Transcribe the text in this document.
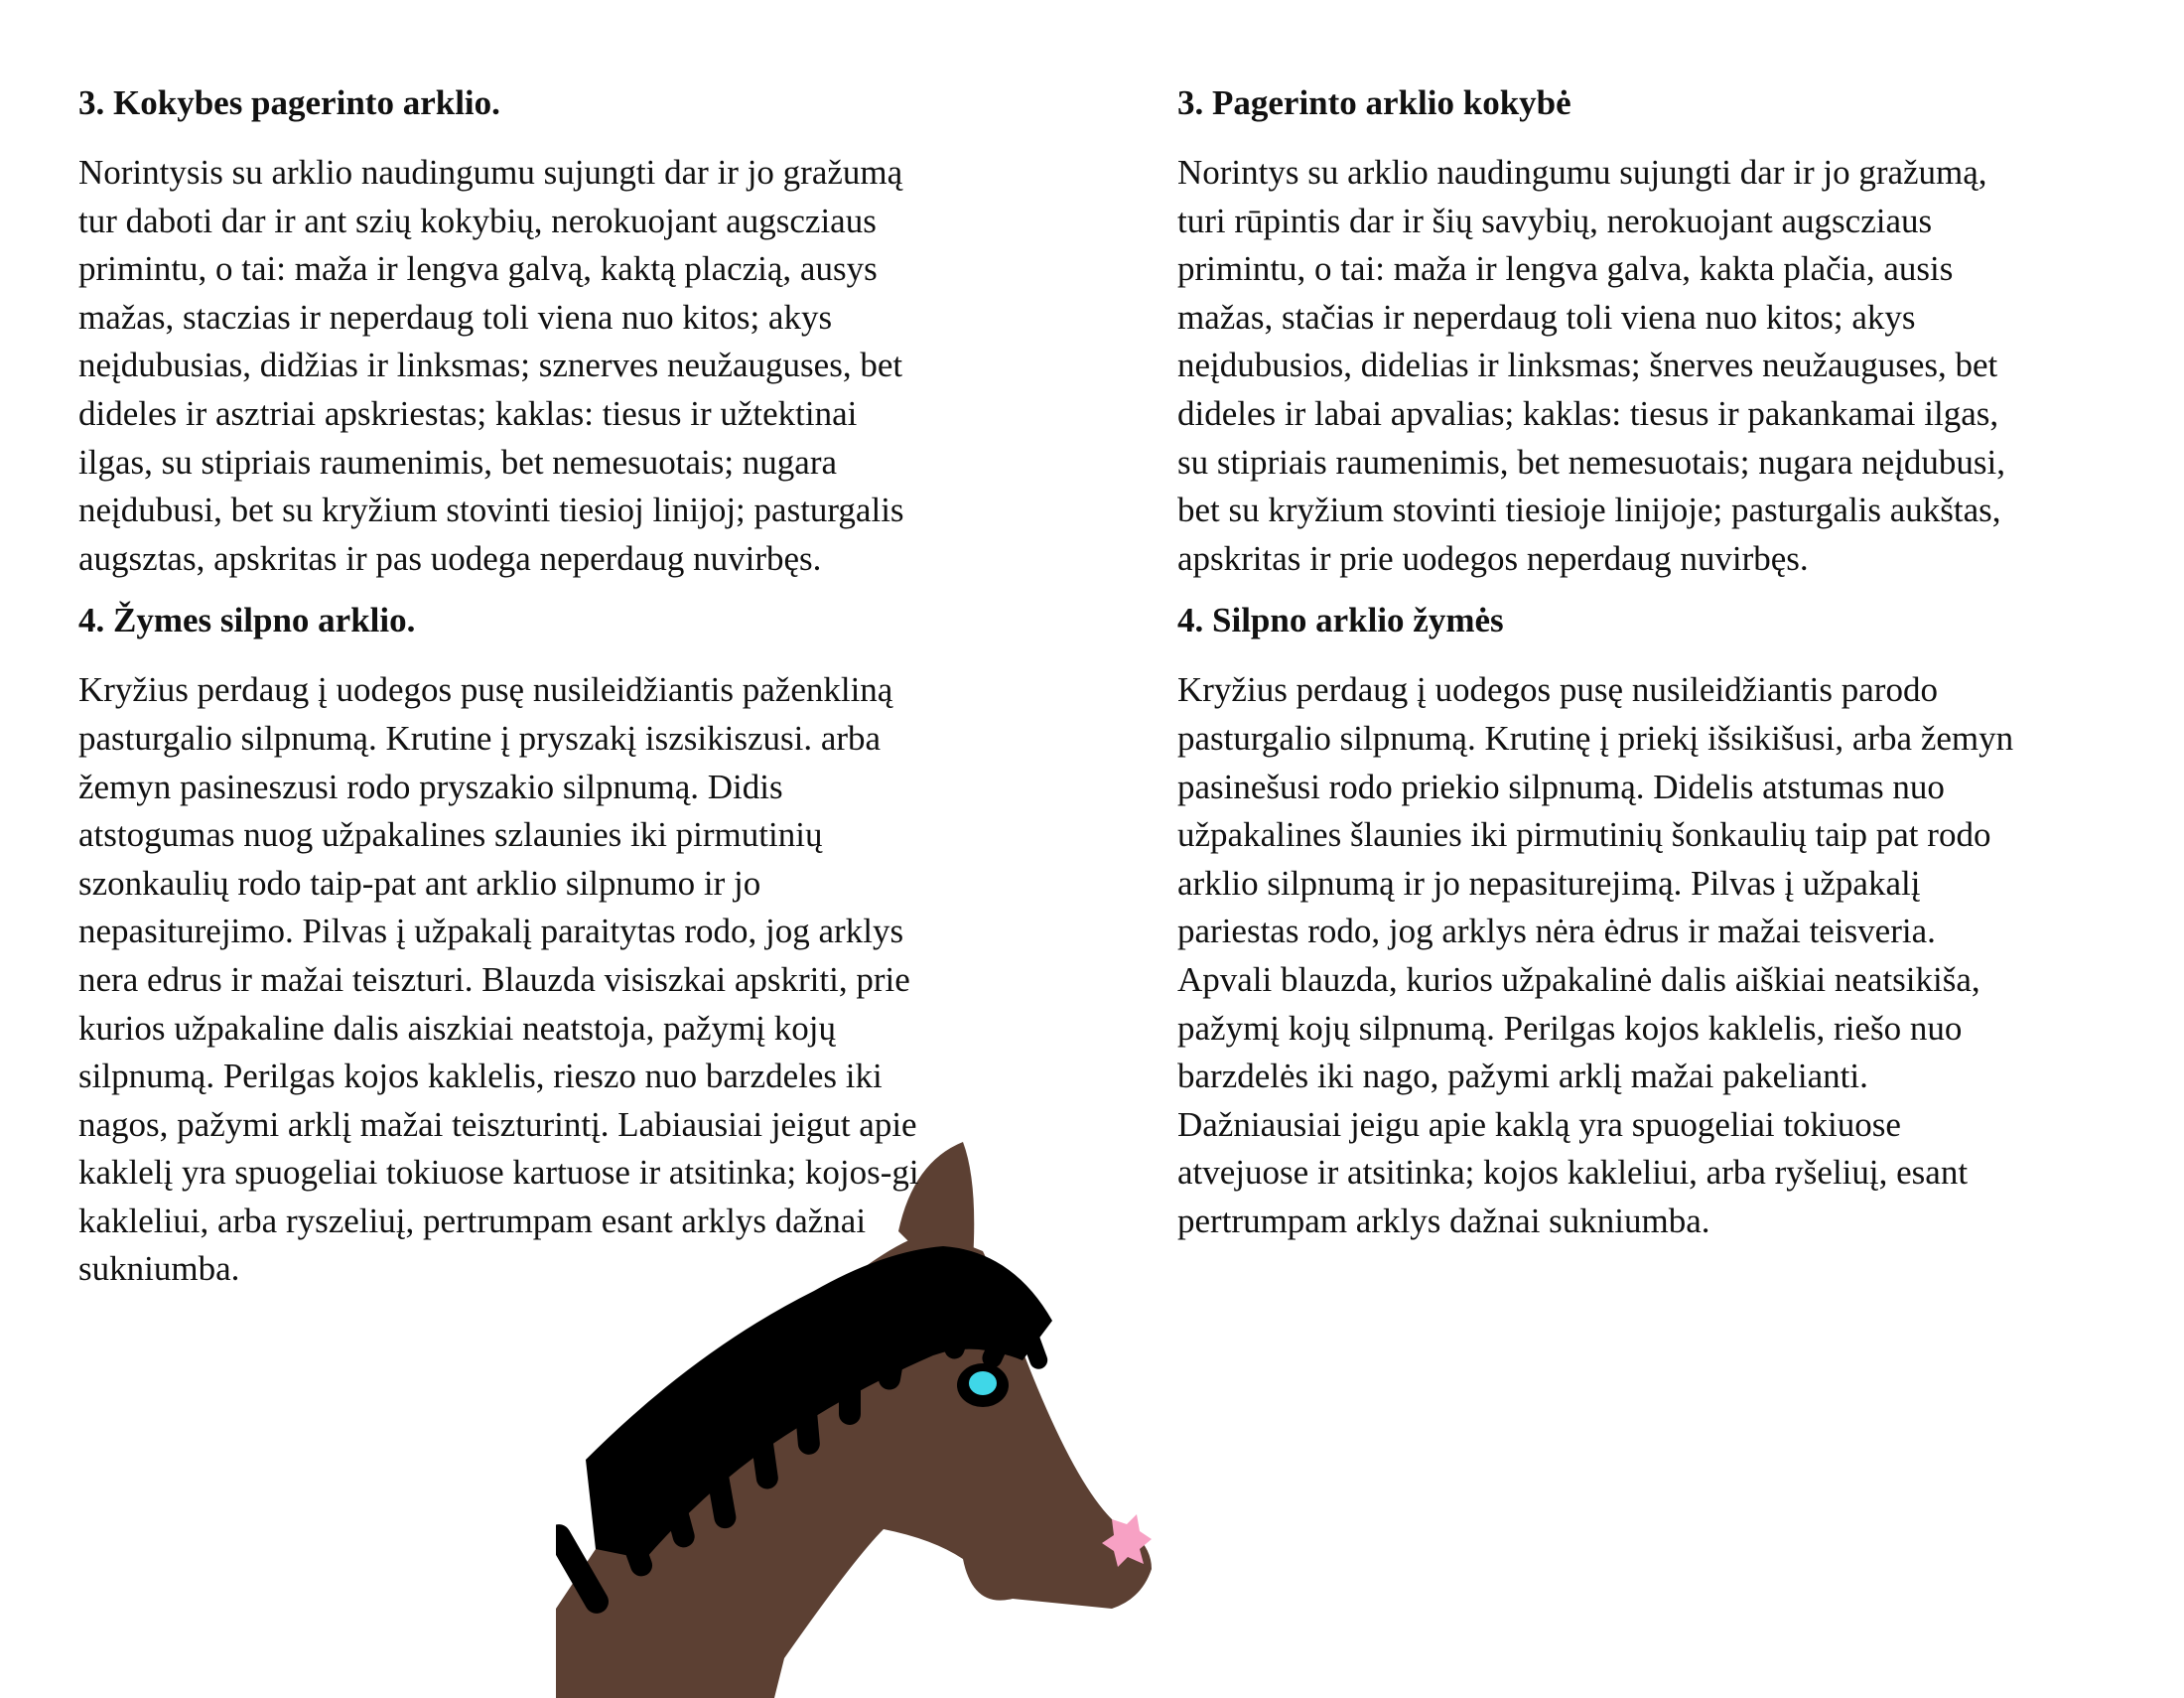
3. Kokybes pagerinto arklio.

Norintysis su arklio naudingumu sujungti dar ir jo gražumą
tur daboti dar ir ant szių kokybių, nerokuojant augscziaus
primintu, o tai: maža ir lengva galvą, kaktą placzią, ausys
mažas, staczias ir neperdaug toli viena nuo kitos; akys
neįdubusias, didžias ir linksmas; sznerves neužauguses, bet
dideles ir asztriai apskriestas; kaklas: tiesus ir užtektinai
ilgas, su stipriais raumenimis, bet nemesuotais; nugara
neįdubusi, bet su kryžium stovinti tiesioj linijoj; pasturgalis
augsztas, apskritas ir pas uodega neperdaug nuvirbęs.

4. Žymes silpno arklio.

Kryžius perdaug į uodegos pusę nusileidžiantis paženkliną
pasturgalio silpnumą. Krutine į pryszakį iszsikiszusi. arba
žemyn pasineszusi rodo pryszakio silpnumą. Didis
atstogumas nuog užpakalines szlaunies iki pirmutinių
szonkaulių rodo taip-pat ant arklio silpnumo ir jo
nepasiturejimo. Pilvas į užpakalį paraitytas rodo, jog arklys
nera edrus ir mažai teiszturi. Blauzda visiszkai apskriti, prie
kurios užpakaline dalis aiszkiai neatstoja, pažymį kojų
silpnumą. Perilgas kojos kaklelis, rieszo nuo barzdeles iki
nagos, pažymi arklį mažai teiszturintį. Labiausiai jeigut apie
kaklelį yra spuogeliai tokiuose kartuose ir atsitinka; kojos-gi
kakleliui, arba ryszeliuį, pertrumpam esant arklys dažnai
sukniumba.

3. Pagerinto arklio kokybė

Norintys su arklio naudingumu sujungti dar ir jo gražumą,
turi rūpintis dar ir šių savybių, nerokuojant augscziaus
primintu, o tai: maža ir lengva galva, kakta plačia, ausis
mažas, stačias ir neperdaug toli viena nuo kitos; akys
neįdubusios, didelias ir linksmas; šnerves neužauguses, bet
dideles ir labai apvalias; kaklas: tiesus ir pakankamai ilgas,
su stipriais raumenimis, bet nemesuotais; nugara neįdubusi,
bet su kryžium stovinti tiesioje linijoje; pasturgalis aukštas,
apskritas ir prie uodegos neperdaug nuvirbęs.

4. Silpno arklio žymės

Kryžius perdaug į uodegos pusę nusileidžiantis parodo
pasturgalio silpnumą. Krutinę į priekį išsikišusi, arba žemyn
pasinešusi rodo priekio silpnumą. Didelis atstumas nuo
užpakalines šlaunies iki pirmutinių šonkaulių taip pat rodo
arklio silpnumą ir jo nepasiturejimą. Pilvas į užpakalį
pariestas rodo, jog arklys nėra ėdrus ir mažai teisveria.
Apvali blauzda, kurios užpakalinė dalis aiškiai neatsikiša,
pažymį kojų silpnumą. Perilgas kojos kaklelis, riešo nuo
barzdelės iki nago, pažymi arklį mažai pakelianti.
Dažniausiai jeigu apie kaklą yra spuogeliai tokiuose
atvejuose ir atsitinka; kojos kakleliui, arba ryšeliuį, esant
pertrumpam arklys dažnai sukniumba.
